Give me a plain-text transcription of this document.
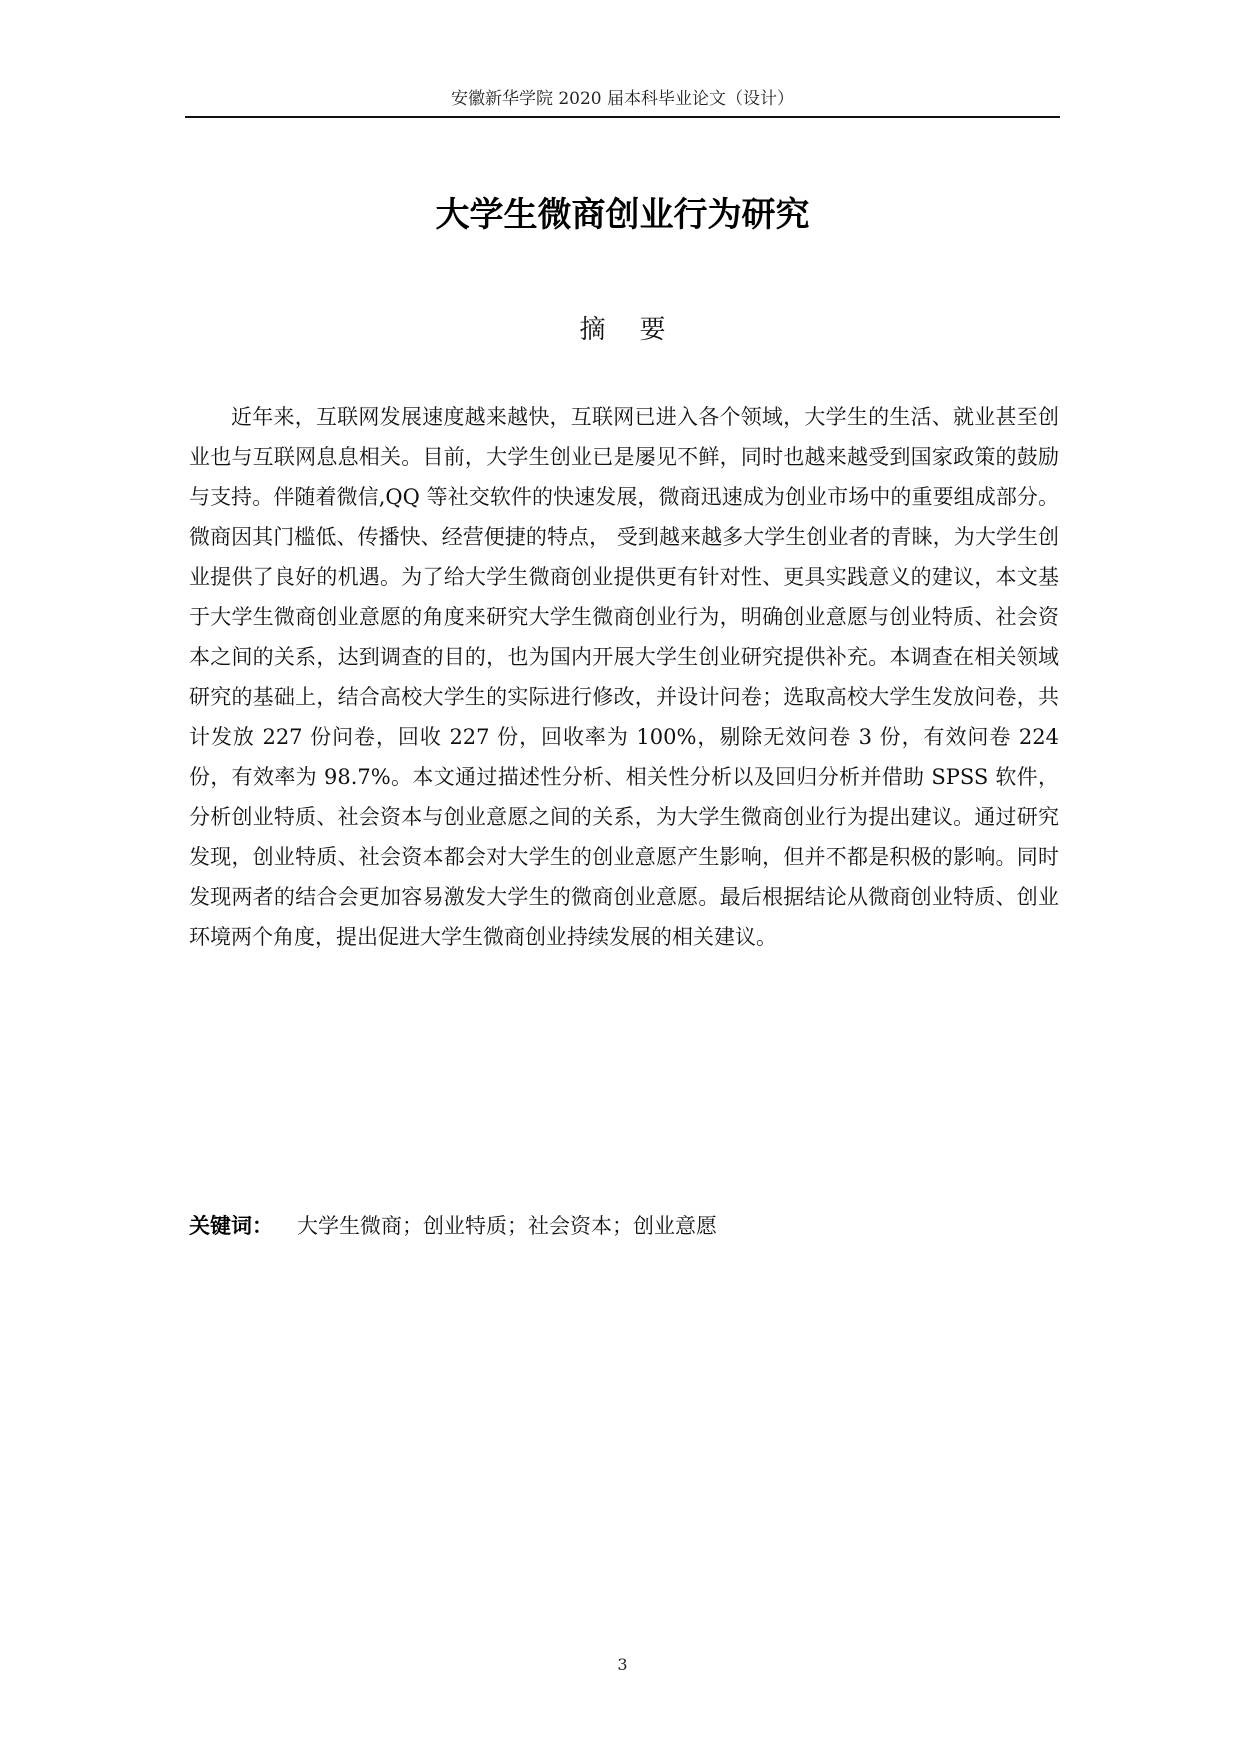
安徽新华学院 2020 届本科毕业论文（设计）
大学生微商创业行为研究
摘要

近年来，互联网发展速度越来越快，互联网已进入各个领域，大学生的生活、就业甚至创业也与互联网息息相关。目前，大学生创业已是屡见不鲜，同时也越来越受到国家政策的鼓励与支持。伴随着微信,QQ 等社交软件的快速发展，微商迅速成为创业市场中的重要组成部分。微商因其门槛低、传播快、经营便捷的特点， 受到越来越多大学生创业者的青睐，为大学生创业提供了良好的机遇。为了给大学生微商创业提供更有针对性、更具实践意义的建议，本文基于大学生微商创业意愿的角度来研究大学生微商创业行为，明确创业意愿与创业特质、社会资本之间的关系，达到调查的目的，也为国内开展大学生创业研究提供补充。本调查在相关领域研究的基础上，结合高校大学生的实际进行修改，并设计问卷；选取高校大学生发放问卷，共计发放 227 份问卷，回收 227 份，回收率为 100%，剔除无效问卷 3 份，有效问卷 224 份，有效率为 98.7%。本文通过描述性分析、相关性分析以及回归分析并借助 SPSS 软件，分析创业特质、社会资本与创业意愿之间的关系，为大学生微商创业行为提出建议。通过研究发现，创业特质、社会资本都会对大学生的创业意愿产生影响，但并不都是积极的影响。同时发现两者的结合会更加容易激发大学生的微商创业意愿。最后根据结论从微商创业特质、创业环境两个角度，提出促进大学生微商创业持续发展的相关建议。

关键词： 大学生微商；创业特质；社会资本；创业意愿
3
